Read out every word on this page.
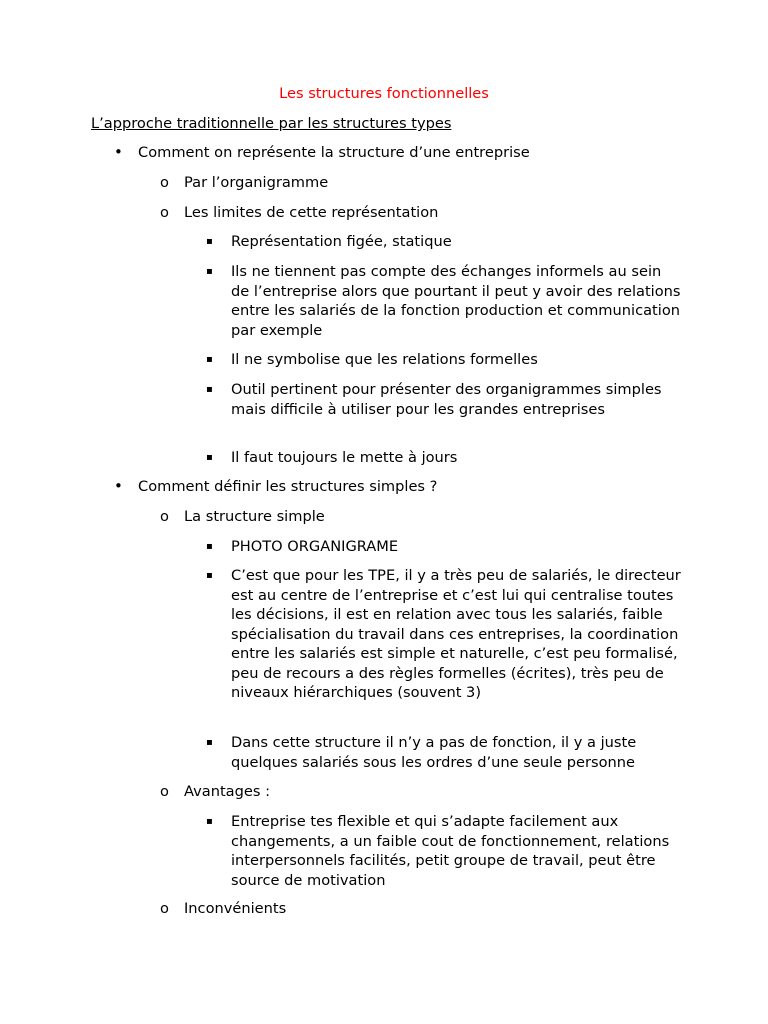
Les structures fonctionnelles
L’approche traditionnelle par les structures types
• Comment on représente la structure d’une entreprise
o Par l’organigramme
o Les limites de cette représentation
▪ Représentation figée, statique
▪ Ils ne tiennent pas compte des échanges informels au sein de l’entreprise alors que pourtant il peut y avoir des relations entre les salariés de la fonction production et communication par exemple
▪ Il ne symbolise que les relations formelles
▪ Outil pertinent pour présenter des organigrammes simples mais difficile à utiliser pour les grandes entreprises
▪ Il faut toujours le mette à jours
• Comment définir les structures simples ?
o La structure simple
▪ PHOTO ORGANIGRAME
▪ C’est que pour les TPE, il y a très peu de salariés, le directeur est au centre de l’entreprise et c’est lui qui centralise toutes les décisions, il est en relation avec tous les salariés, faible spécialisation du travail dans ces entreprises, la coordination entre les salariés est simple et naturelle, c’est peu formalisé, peu de recours a des règles formelles (écrites), très peu de niveaux hiérarchiques (souvent 3)
▪ Dans cette structure il n’y a pas de fonction, il y a juste quelques salariés sous les ordres d’une seule personne
o Avantages :
▪ Entreprise tes flexible et qui s’adapte facilement aux changements, a un faible cout de fonctionnement, relations interpersonnels facilités, petit groupe de travail, peut être source de motivation
o Inconvénients
